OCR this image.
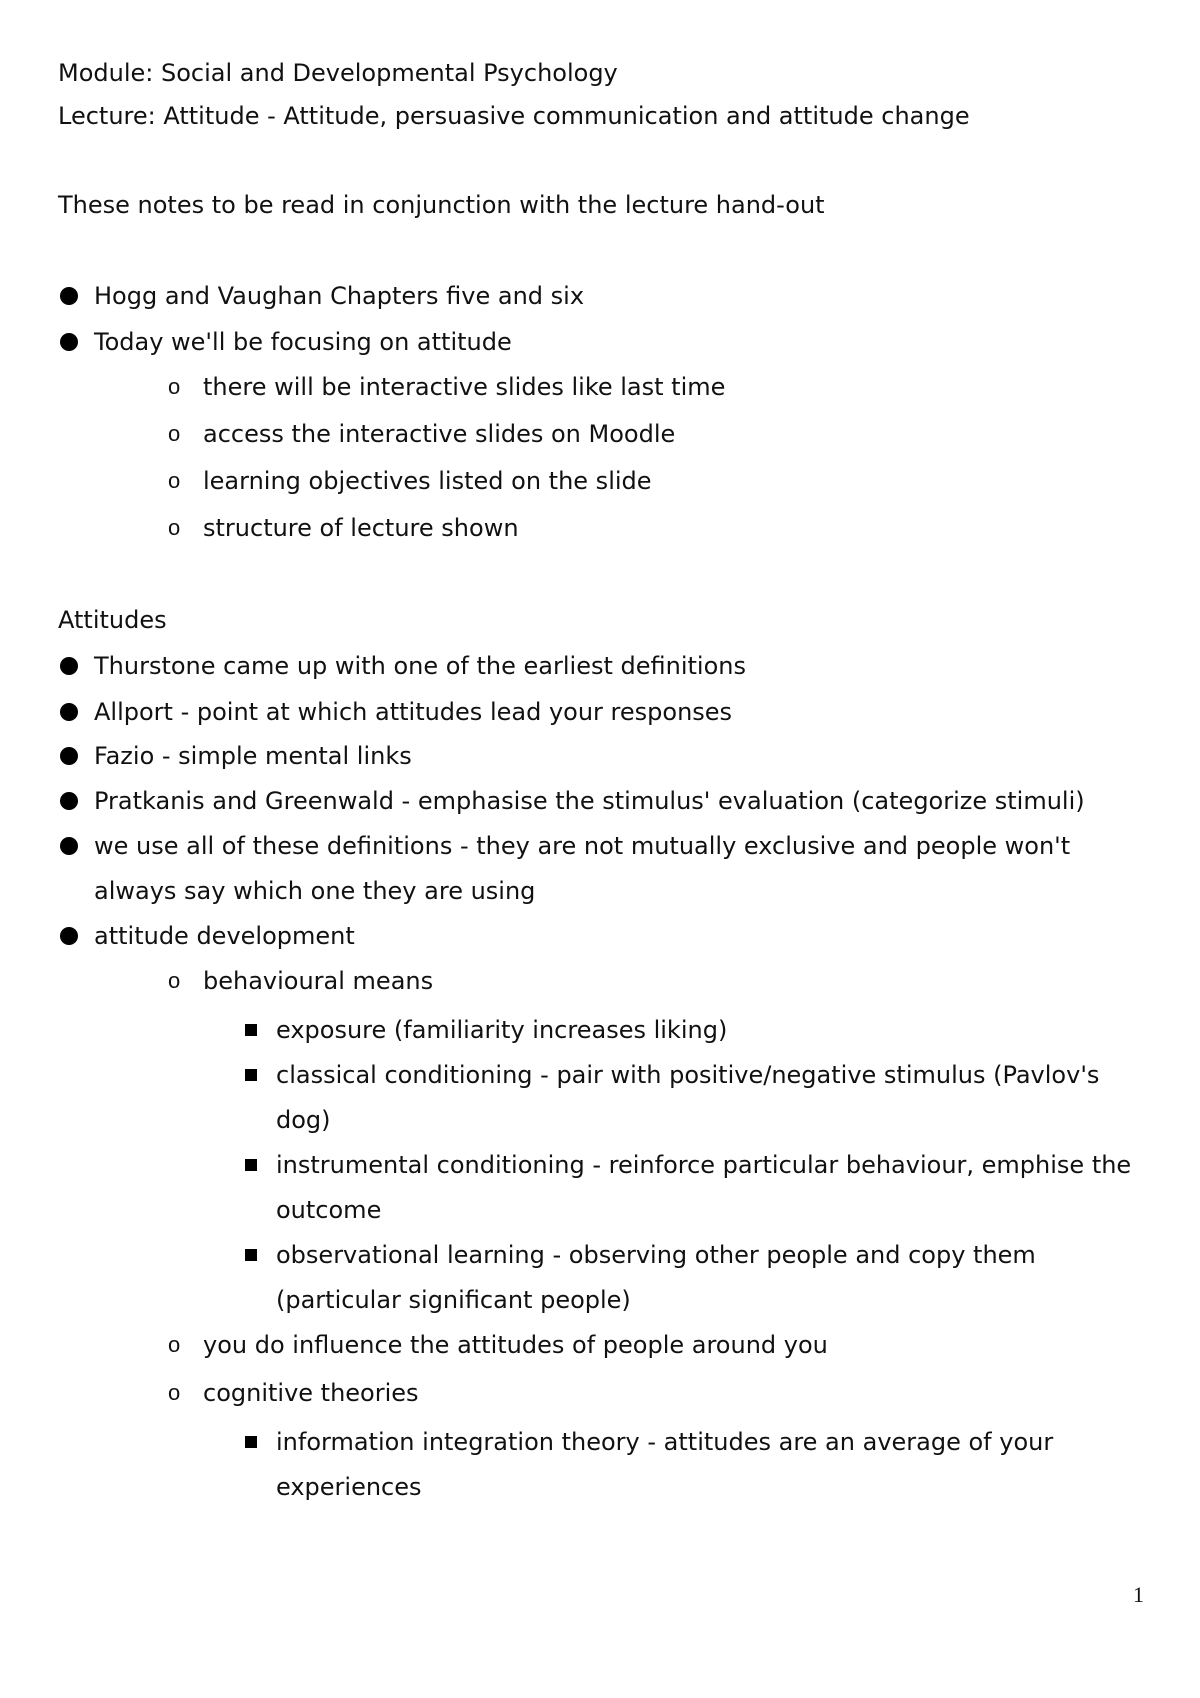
Module: Social and Developmental Psychology
Lecture: Attitude - Attitude, persuasive communication and attitude change
These notes to be read in conjunction with the lecture hand-out
Hogg and Vaughan Chapters five and six
Today we'll be focusing on attitude
o there will be interactive slides like last time
o access the interactive slides on Moodle
o learning objectives listed on the slide
o structure of lecture shown
Attitudes
Thurstone came up with one of the earliest definitions
Allport - point at which attitudes lead your responses
Fazio - simple mental links
Pratkanis and Greenwald - emphasise the stimulus' evaluation (categorize stimuli)
we use all of these definitions - they are not mutually exclusive and people won't
always say which one they are using
attitude development
o behavioural means
exposure (familiarity increases liking)
classical conditioning - pair with positive/negative stimulus (Pavlov's
dog)
instrumental conditioning - reinforce particular behaviour, emphise the
outcome
observational learning - observing other people and copy them
(particular significant people)
o you do influence the attitudes of people around you
o cognitive theories
information integration theory - attitudes are an average of your
experiences
1
